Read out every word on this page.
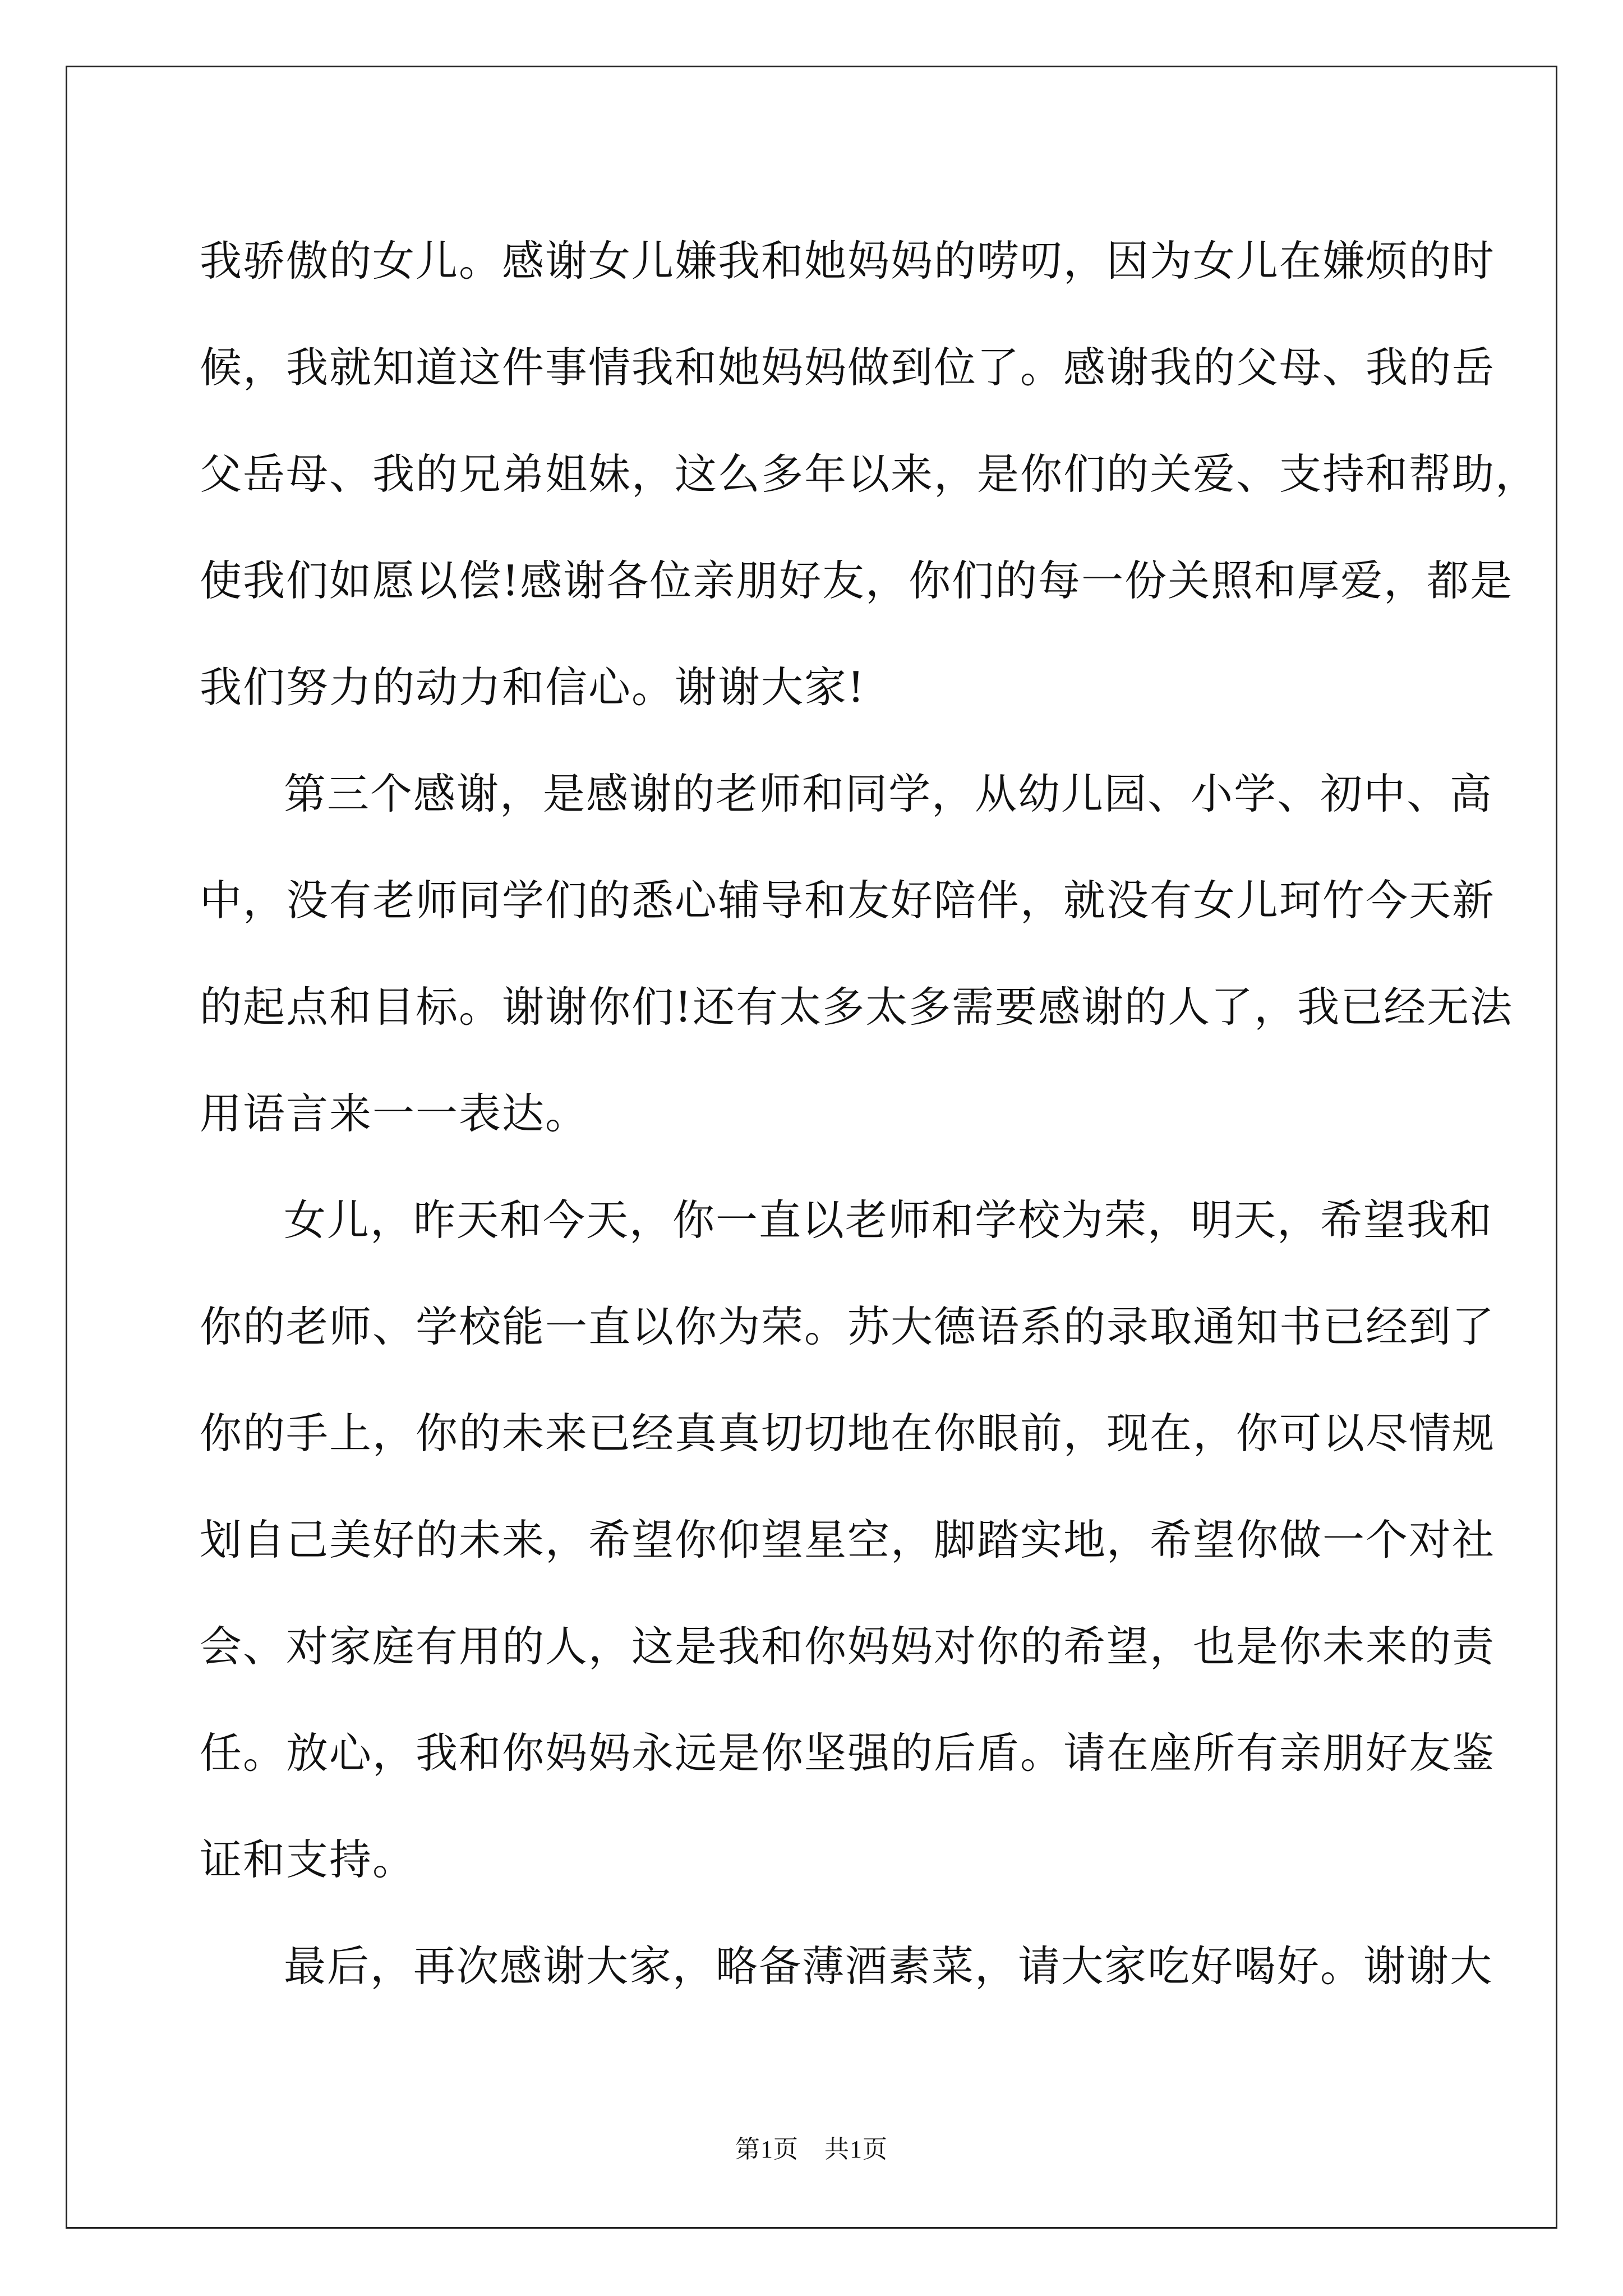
我骄傲的女儿。感谢女儿嫌我和她妈妈的唠叨，因为女儿在嫌烦的时
候，我就知道这件事情我和她妈妈做到位了。感谢我的父母、我的岳
父岳母、我的兄弟姐妹，这么多年以来，是你们的关爱、支持和帮助，
使我们如愿以偿!感谢各位亲朋好友，你们的每一份关照和厚爱，都是
我们努力的动力和信心。谢谢大家!
第三个感谢，是感谢的老师和同学，从幼儿园、小学、初中、高
中，没有老师同学们的悉心辅导和友好陪伴，就没有女儿珂竹今天新
的起点和目标。谢谢你们!还有太多太多需要感谢的人了，我已经无法
用语言来一一表达。
女儿，昨天和今天，你一直以老师和学校为荣，明天，希望我和
你的老师、学校能一直以你为荣。苏大德语系的录取通知书已经到了
你的手上，你的未来已经真真切切地在你眼前，现在，你可以尽情规
划自己美好的未来，希望你仰望星空，脚踏实地，希望你做一个对社
会、对家庭有用的人，这是我和你妈妈对你的希望，也是你未来的责
任。放心，我和你妈妈永远是你坚强的后盾。请在座所有亲朋好友鉴
证和支持。
最后，再次感谢大家，略备薄酒素菜，请大家吃好喝好。谢谢大
第1页 共1页
